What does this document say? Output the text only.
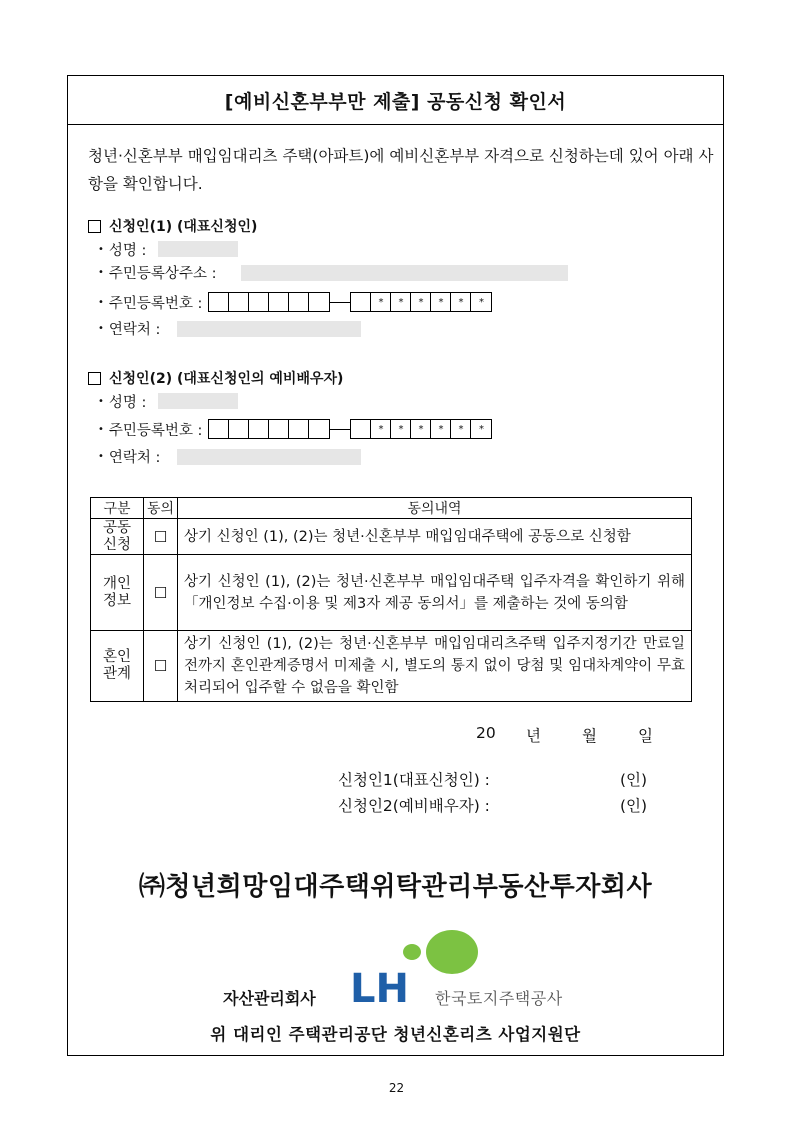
[예비신혼부부만 제출] 공동신청 확인서
청년·신혼부부 매입임대리츠 주택(아파트)에 예비신혼부부 자격으로 신청하는데 있어 아래 사항을 확인합니다.
신청인(1) (대표신청인)
• 성명 :
• 주민등록상주소 :
• 주민등록번호 :	*	*	*	*	*	*
• 연락처 :
신청인(2) (대표신청인의 예비배우자)
• 성명 :
• 주민등록번호 :	*	*	*	*	*	*
• 연락처 :
구분	동의	동의내역
공동
신청	☐	상기 신청인 (1), (2)는 청년·신혼부부 매입임대주택에 공동으로 신청함
개인
정보	☐	상기 신청인 (1), (2)는 청년·신혼부부 매입임대주택 입주자격을 확인하기 위해「개인정보 수집·이용 및 제3자 제공 동의서」를 제출하는 것에 동의함
혼인
관계	☐	상기 신청인 (1), (2)는 청년·신혼부부 매입임대리츠주택 입주지정기간 만료일전까지 혼인관계증명서 미제출 시, 별도의 통지 없이 당첨 및 임대차계약이 무효처리되어 입주할 수 없음을 확인함
20	년	월	일
신청인1(대표신청인) :	(인)
신청인2(예비배우자) :	(인)
㈜청년희망임대주택위탁관리부동산투자회사
자산관리회사 LH 한국토지주택공사
위 대리인 주택관리공단 청년신혼리츠 사업지원단
22
